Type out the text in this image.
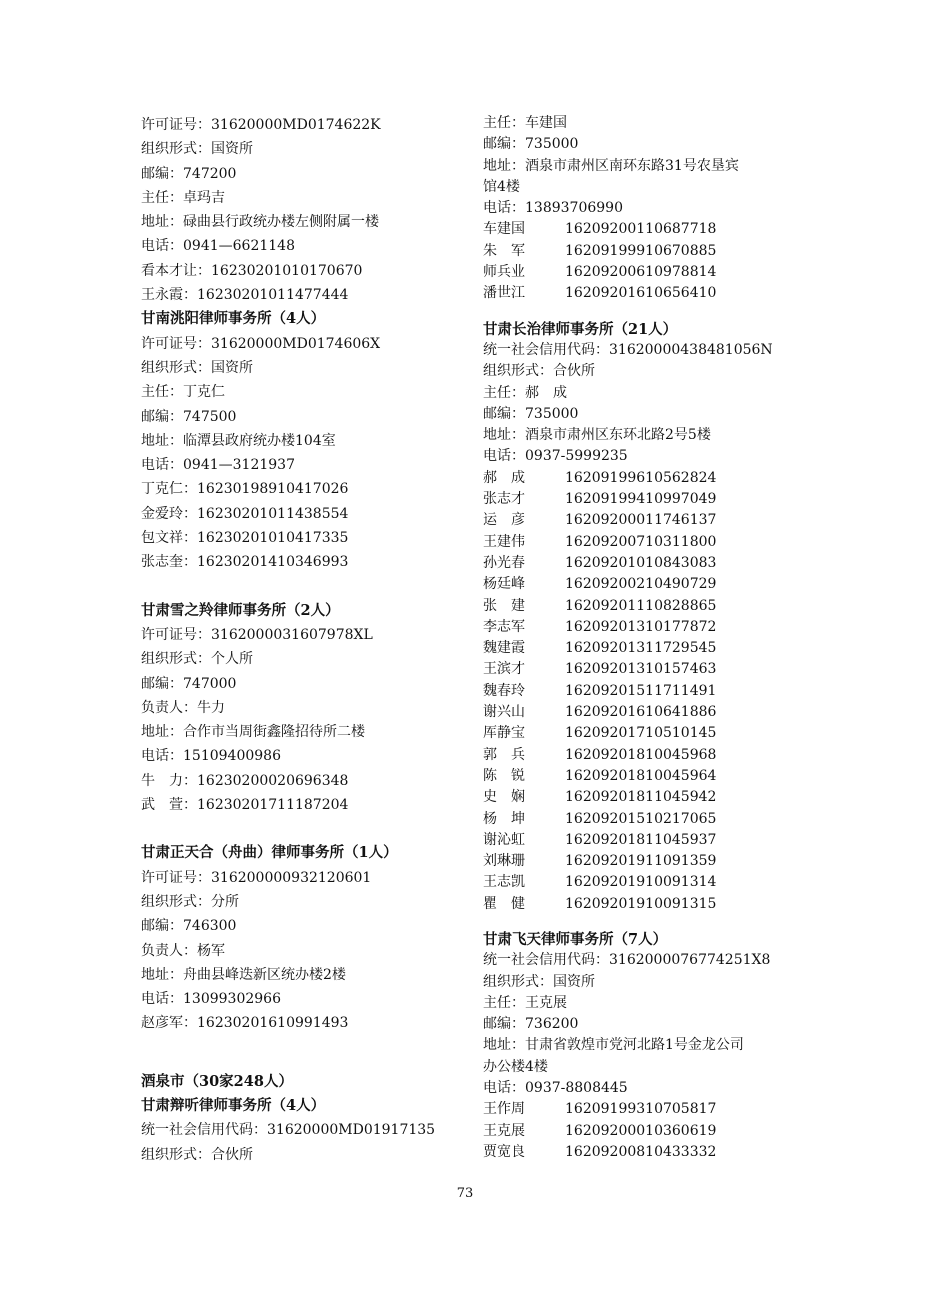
许可证号：31620000MD0174622K
组织形式：国资所
邮编：747200
主任：卓玛吉
地址：碌曲县行政统办楼左侧附属一楼
电话：0941—6621148
看本才让：16230201010170670
王永霞：16230201011477444
甘南洮阳律师事务所（4人）
许可证号：31620000MD0174606X
组织形式：国资所
主任：丁克仁
邮编：747500
地址：临潭县政府统办楼104室
电话：0941—3121937
丁克仁：16230198910417026
金爱玲：16230201011438554
包文祥：16230201010417335
张志奎：16230201410346993
甘肃雪之羚律师事务所（2人）
许可证号：3162000031607978XL
组织形式：个人所
邮编：747000
负责人：牛力
地址：合作市当周街鑫隆招待所二楼
电话：15109400986
牛　力：16230200020696348
武　萱：16230201711187204
甘肃正天合（舟曲）律师事务所（1人）
许可证号：316200000932120601
组织形式：分所
邮编：746300
负责人：杨军
地址：舟曲县峰迭新区统办楼2楼
电话：13099302966
赵彦军：16230201610991493
酒泉市（30家248人）
甘肃辩听律师事务所（4人）
统一社会信用代码：31620000MD01917135
组织形式：合伙所
主任：车建国
邮编：735000
地址：酒泉市肃州区南环东路31号农垦宾
馆4楼
电话：13893706990
车建国	16209200110687718
朱　军	16209199910670885
师兵业	16209200610978814
潘世江	16209201610656410
甘肃长治律师事务所（21人）
统一社会信用代码：31620000438481056N
组织形式：合伙所
主任：郝　成
邮编：735000
地址：酒泉市肃州区东环北路2号5楼
电话：0937-5999235
郝　成	16209199610562824
张志才	16209199410997049
运　彦	16209200011746137
王建伟	16209200710311800
孙光春	16209201010843083
杨廷峰	16209200210490729
张　建	16209201110828865
李志军	16209201310177872
魏建霞	16209201311729545
王滨才	16209201310157463
魏春玲	16209201511711491
谢兴山	16209201610641886
厍静宝	16209201710510145
郭　兵	16209201810045968
陈　锐	16209201810045964
史　娴	16209201811045942
杨　坤	16209201510217065
谢沁虹	16209201811045937
刘琳珊	16209201911091359
王志凯	16209201910091314
瞿　健	16209201910091315
甘肃飞天律师事务所（7人）
统一社会信用代码：3162000076774251X8
组织形式：国资所
主任：王克展
邮编：736200
地址：甘肃省敦煌市党河北路1号金龙公司
办公楼4楼
电话：0937-8808445
王作周	16209199310705817
王克展	16209200010360619
贾宽良	16209200810433332
73
